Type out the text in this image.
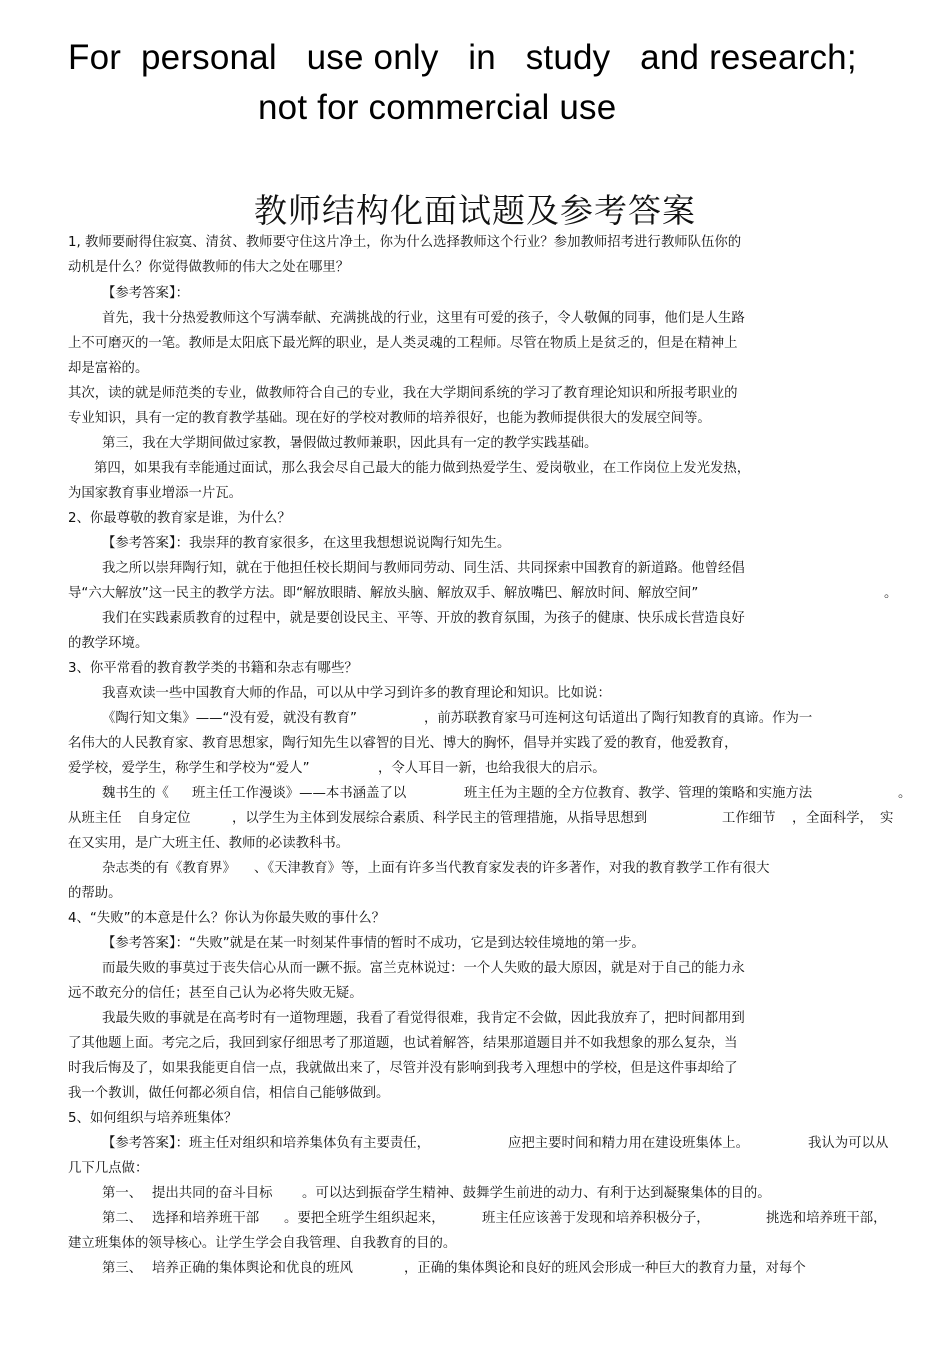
For  personal   use only   in   study   and research;
not for commercial use
教师结构化面试题及参考答案
1, 教师要耐得住寂寞、清贫、教师要守住这片净土，你为什么选择教师这个行业？参加教师招考进行教师队伍你的
动机是什么？你觉得做教师的伟大之处在哪里？
【参考答案】：
首先，我十分热爱教师这个写满奉献、充满挑战的行业，这里有可爱的孩子，令人敬佩的同事，他们是人生路
上不可磨灭的一笔。教师是太阳底下最光辉的职业，是人类灵魂的工程师。尽管在物质上是贫乏的，但是在精神上
却是富裕的。
其次，读的就是师范类的专业，做教师符合自己的专业，我在大学期间系统的学习了教育理论知识和所报考职业的
专业知识，具有一定的教育教学基础。现在好的学校对教师的培养很好，也能为教师提供很大的发展空间等。
第三，我在大学期间做过家教，暑假做过教师兼职，因此具有一定的教学实践基础。
第四，如果我有幸能通过面试，那么我会尽自己最大的能力做到热爱学生、爱岗敬业，在工作岗位上发光发热，
为国家教育事业增添一片瓦。
2、你最尊敬的教育家是谁，为什么？
【参考答案】：我崇拜的教育家很多，在这里我想想说说陶行知先生。
我之所以崇拜陶行知，就在于他担任校长期间与教师同劳动、同生活、共同探索中国教育的新道路。他曾经倡
导“六大解放”这一民主的教学方法。即“解放眼睛、解放头脑、解放双手、解放嘴巴、解放时间、解放空间”	。
我们在实践素质教育的过程中，就是要创设民主、平等、开放的教育氛围，为孩子的健康、快乐成长营造良好
的教学环境。
3、你平常看的教育教学类的书籍和杂志有哪些？
我喜欢读一些中国教育大师的作品，可以从中学习到许多的教育理论和知识。比如说：
《陶行知文集》——“没有爱，就没有教育”	，前苏联教育家马可连柯这句话道出了陶行知教育的真谛。作为一
名伟大的人民教育家、教育思想家，陶行知先生以睿智的目光、博大的胸怀，倡导并实践了爱的教育，他爱教育，
爱学校，爱学生，称学生和学校为“爱人”	，令人耳目一新，也给我很大的启示。
魏书生的《 班主任工作漫谈》——本书涵盖了以	班主任为主题的全方位教育、教学、管理的策略和实施方法	。
从班主任 自身定位	，以学生为主体到发展综合素质、科学民主的管理措施，从指导思想到	工作细节 ， 全面科学， 实
在又实用，是广大班主任、教师的必读教科书。
杂志类的有《教育界》 、《天津教育》等，上面有许多当代教育家发表的许多著作，对我的教育教学工作有很大
的帮助。
4、“失败”的本意是什么？你认为你最失败的事什么？
【参考答案】：“失败”就是在某一时刻某件事情的暂时不成功，它是到达较佳境地的第一步。
而最失败的事莫过于丧失信心从而一蹶不振。富兰克林说过：一个人失败的最大原因，就是对于自己的能力永
远不敢充分的信任；甚至自己认为必将失败无疑。
我最失败的事就是在高考时有一道物理题，我看了看觉得很难，我肯定不会做，因此我放弃了，把时间都用到
了其他题上面。考完之后，我回到家仔细思考了那道题，也试着解答，结果那道题目并不如我想象的那么复杂，当
时我后悔及了，如果我能更自信一点，我就做出来了，尽管并没有影响到我考入理想中的学校，但是这件事却给了
我一个教训，做任何都必须自信，相信自己能够做到。
5、如何组织与培养班集体？
【参考答案】：班主任对组织和培养集体负有主要责任，	应把主要时间和精力用在建设班集体上。	我认为可以从
几下几点做：
第一、 提出共同的奋斗目标 。可以达到振奋学生精神、鼓舞学生前进的动力、有利于达到凝聚集体的目的。
第二、 选择和培养班干部 。要把全班学生组织起来，	班主任应该善于发现和培养积极分子，	挑选和培养班干部，
建立班集体的领导核心。让学生学会自我管理、自我教育的目的。
第三、 培养正确的集体舆论和优良的班风	，正确的集体舆论和良好的班风会形成一种巨大的教育力量，对每个
